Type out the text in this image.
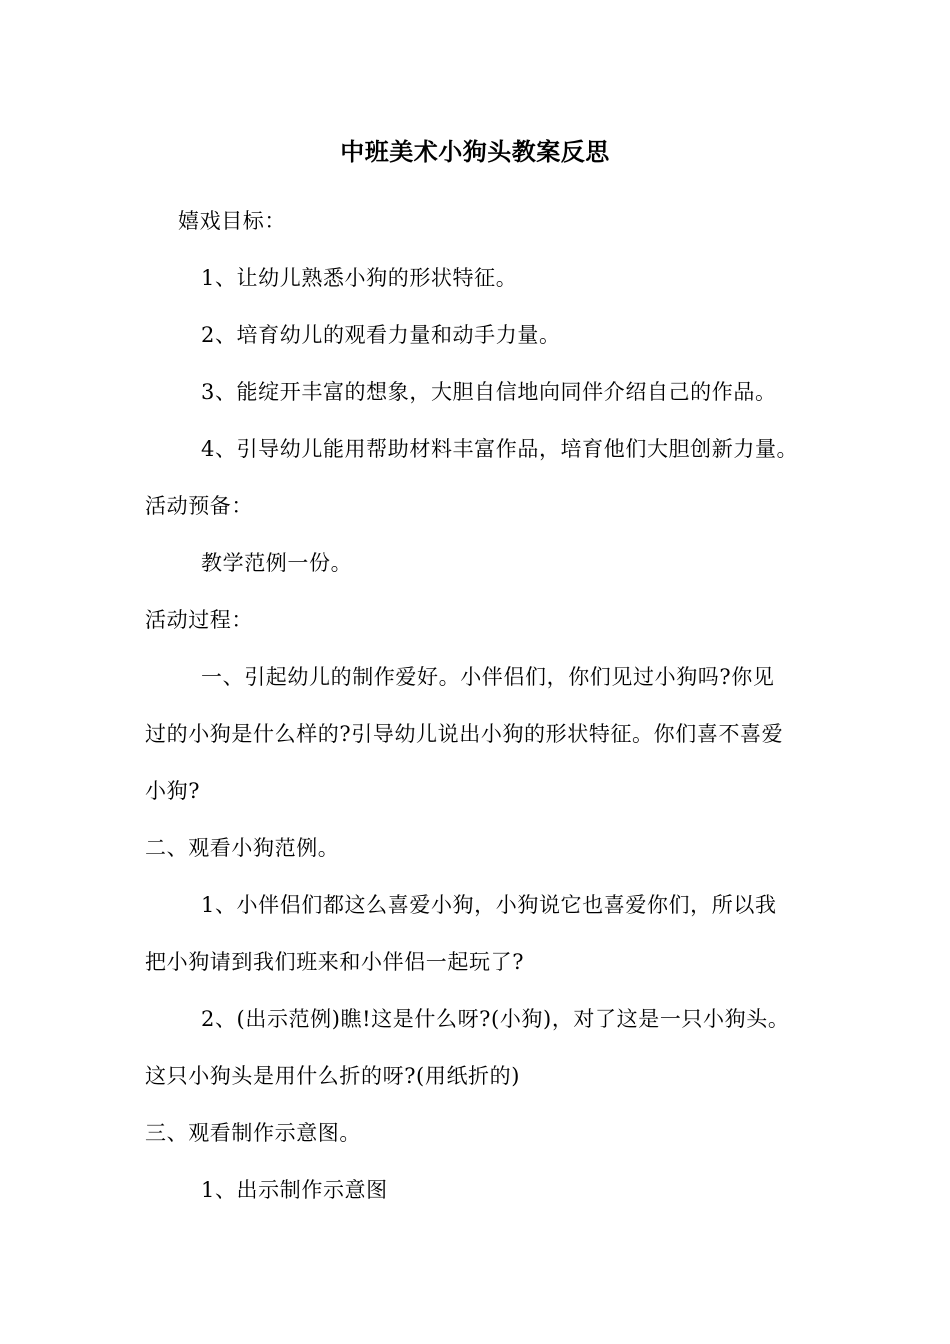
中班美术小狗头教案反思
嬉戏目标：
1、让幼儿熟悉小狗的形状特征。
2、培育幼儿的观看力量和动手力量。
3、能绽开丰富的想象，大胆自信地向同伴介绍自己的作品。
4、引导幼儿能用帮助材料丰富作品，培育他们大胆创新力量。
活动预备：
教学范例一份。
活动过程：
一、引起幼儿的制作爱好。小伴侣们，你们见过小狗吗?你见
过的小狗是什么样的?引导幼儿说出小狗的形状特征。你们喜不喜爱
小狗?
二、观看小狗范例。
1、小伴侣们都这么喜爱小狗，小狗说它也喜爱你们，所以我
把小狗请到我们班来和小伴侣一起玩了?
2、(出示范例)瞧!这是什么呀?(小狗)，对了这是一只小狗头。
这只小狗头是用什么折的呀?(用纸折的)
三、观看制作示意图。
1、出示制作示意图
